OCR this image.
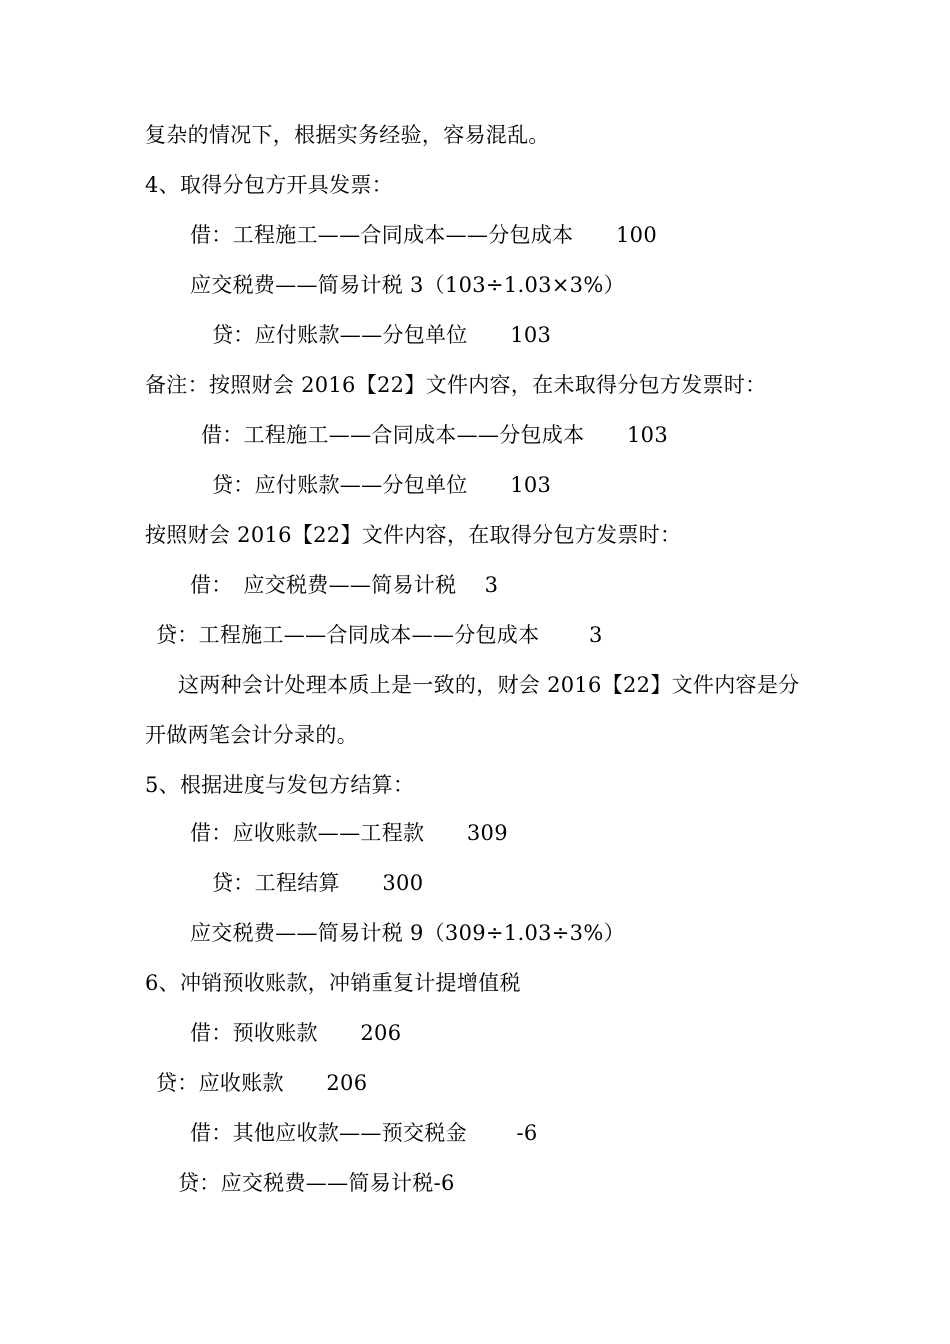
复杂的情况下，根据实务经验，容易混乱。
4、取得分包方开具发票：
借：工程施工——合同成本——分包成本　　100
应交税费——简易计税 3（103÷1.03×3%）
贷：应付账款——分包单位　　103
备注：按照财会 2016【22】文件内容，在未取得分包方发票时：
借：工程施工——合同成本——分包成本　　103
贷：应付账款——分包单位　　103
按照财会 2016【22】文件内容，在取得分包方发票时：
借：　应交税费——简易计税　 3
贷：工程施工——合同成本——分包成本　　 3
这两种会计处理本质上是一致的，财会 2016【22】文件内容是分
开做两笔会计分录的。
5、根据进度与发包方结算：
借：应收账款——工程款　　309
贷：工程结算　　300
应交税费——简易计税 9（309÷1.03÷3%）
6、冲销预收账款，冲销重复计提增值税
借：预收账款　　206
贷：应收账款　　206
借：其他应收款——预交税金　　 -6
贷：应交税费——简易计税-6
